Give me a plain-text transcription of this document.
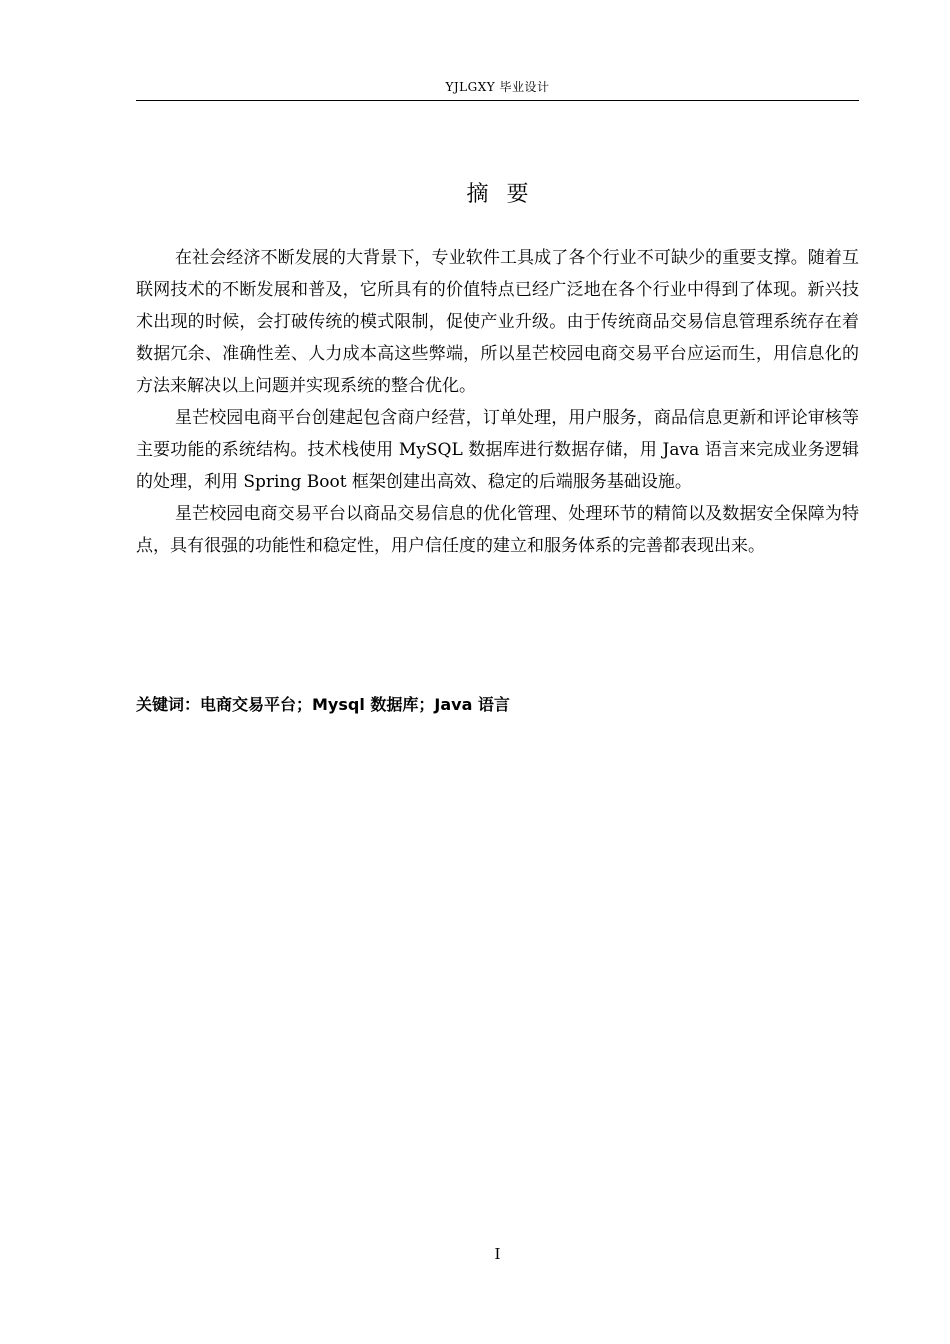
YJLGXY 毕业设计
摘要

在社会经济不断发展的大背景下，专业软件工具成了各个行业不可缺少的重要支撑。随着互联网技术的不断发展和普及，它所具有的价值特点已经广泛地在各个行业中得到了体现。新兴技术出现的时候，会打破传统的模式限制，促使产业升级。由于传统商品交易信息管理系统存在着数据冗余、准确性差、人力成本高这些弊端，所以星芒校园电商交易平台应运而生，用信息化的方法来解决以上问题并实现系统的整合优化。

星芒校园电商平台创建起包含商户经营，订单处理，用户服务，商品信息更新和评论审核等主要功能的系统结构。技术栈使用 MySQL 数据库进行数据存储，用 Java 语言来完成业务逻辑的处理，利用 Spring Boot 框架创建出高效、稳定的后端服务基础设施。

星芒校园电商交易平台以商品交易信息的优化管理、处理环节的精简以及数据安全保障为特点，具有很强的功能性和稳定性，用户信任度的建立和服务体系的完善都表现出来。

关键词：电商交易平台；Mysql 数据库；Java 语言
I
